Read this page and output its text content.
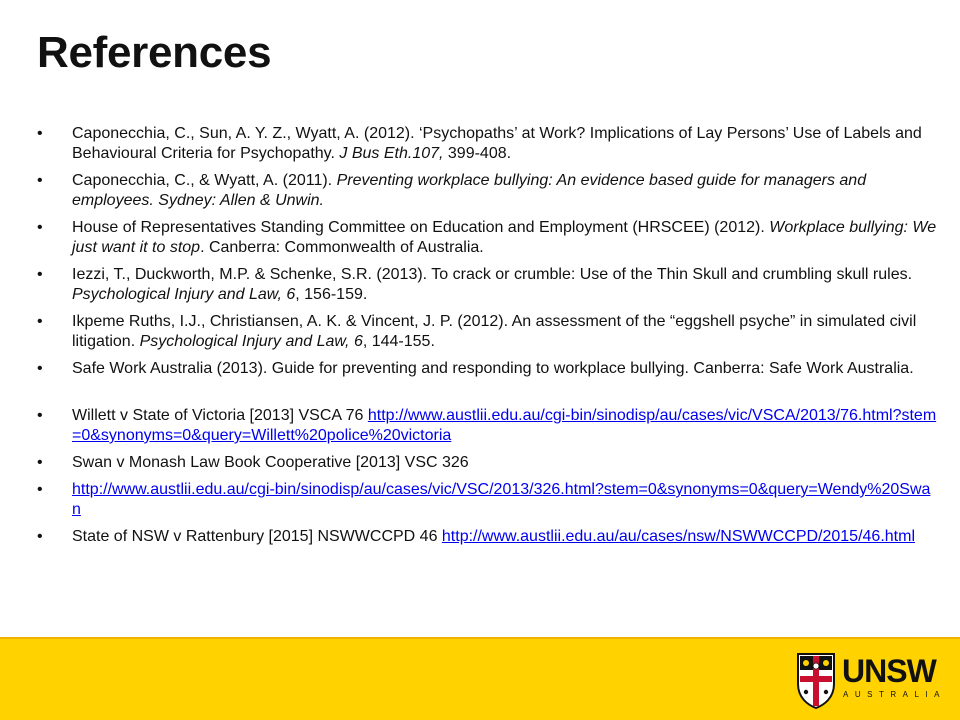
References
• Caponecchia, C., Sun, A. Y. Z., Wyatt, A. (2012). ‘Psychopaths’ at Work? Implications of Lay Persons’ Use of Labels and Behavioural Criteria for Psychopathy. J Bus Eth.107, 399-408.
• Caponecchia, C., & Wyatt, A. (2011). Preventing workplace bullying: An evidence based guide for managers and employees. Sydney: Allen & Unwin.
• House of Representatives Standing Committee on Education and Employment (HRSCEE) (2012). Workplace bullying: We just want it to stop. Canberra: Commonwealth of Australia.
• Iezzi, T., Duckworth, M.P. & Schenke, S.R. (2013). To crack or crumble: Use of the Thin Skull and crumbling skull rules. Psychological Injury and Law, 6, 156-159.
• Ikpeme Ruths, I.J., Christiansen, A. K. & Vincent, J. P. (2012). An assessment of the “eggshell psyche” in simulated civil litigation. Psychological Injury and Law, 6, 144-155.
• Safe Work Australia (2013). Guide for preventing and responding to workplace bullying. Canberra: Safe Work Australia.
• Willett v State of Victoria [2013] VSCA 76 http://www.austlii.edu.au/cgi-bin/sinodisp/au/cases/vic/VSCA/2013/76.html?stem=0&synonyms=0&query=Willett%20police%20victoria
• Swan v Monash Law Book Cooperative [2013] VSC 326
• http://www.austlii.edu.au/cgi-bin/sinodisp/au/cases/vic/VSC/2013/326.html?stem=0&synonyms=0&query=Wendy%20Swan
• State of NSW v Rattenbury [2015] NSWWCCPD 46 http://www.austlii.edu.au/au/cases/nsw/NSWWCCPD/2015/46.html
UNSW
AUSTRALIA
